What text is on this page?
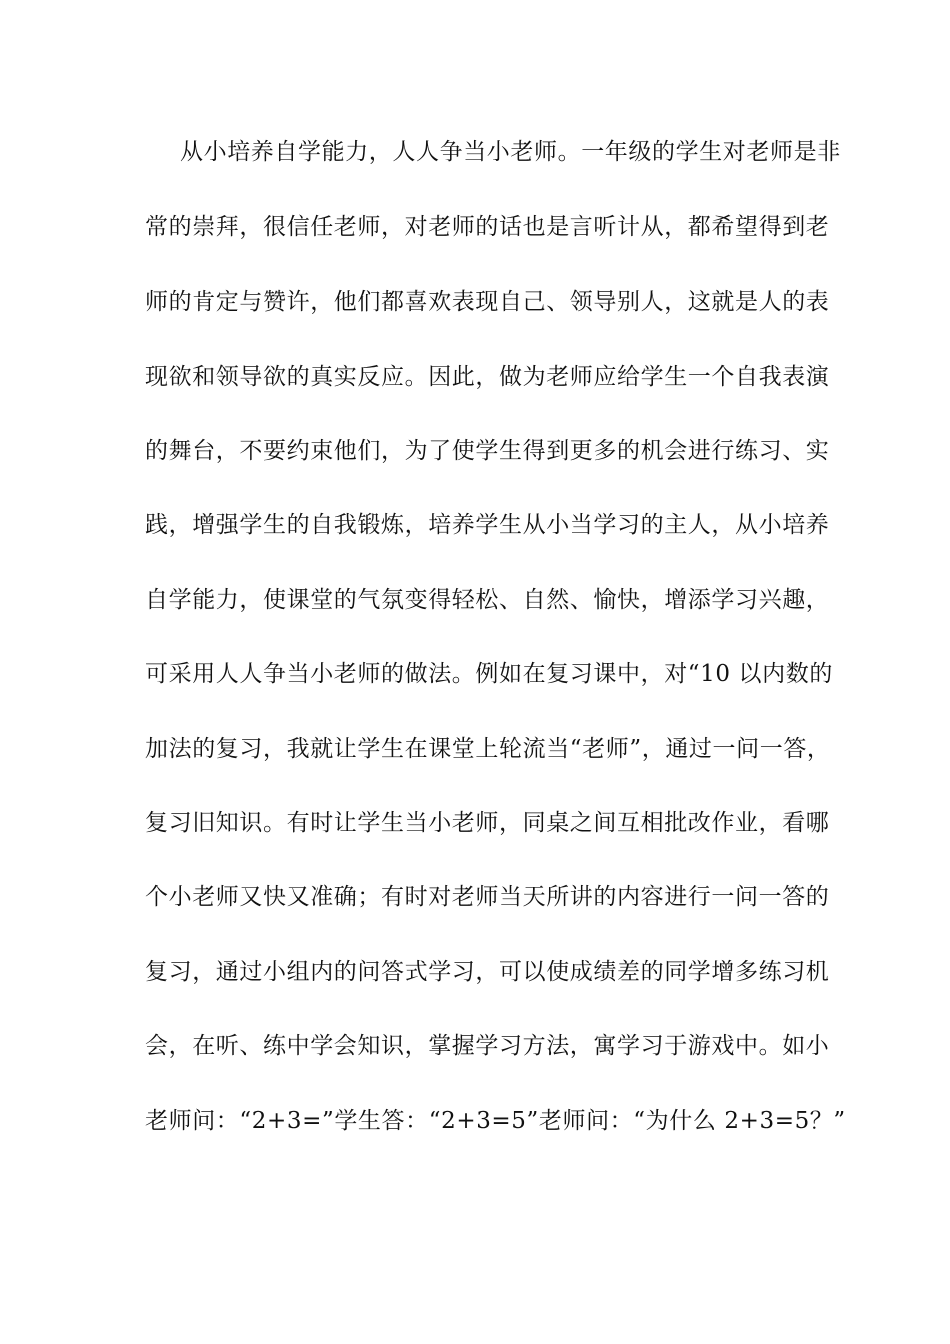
从小培养自学能力，人人争当小老师。一年级的学生对老师是非
常的崇拜，很信任老师，对老师的话也是言听计从，都希望得到老
师的肯定与赞许，他们都喜欢表现自己、领导别人，这就是人的表
现欲和领导欲的真实反应。因此，做为老师应给学生一个自我表演
的舞台，不要约束他们，为了使学生得到更多的机会进行练习、实
践，增强学生的自我锻炼，培养学生从小当学习的主人，从小培养
自学能力，使课堂的气氛变得轻松、自然、愉快，增添学习兴趣，
可采用人人争当小老师的做法。例如在复习课中，对“10 以内数的
加法的复习，我就让学生在课堂上轮流当“老师”，通过一问一答，
复习旧知识。有时让学生当小老师，同桌之间互相批改作业，看哪
个小老师又快又准确；有时对老师当天所讲的内容进行一问一答的
复习，通过小组内的问答式学习，可以使成绩差的同学增多练习机
会，在听、练中学会知识，掌握学习方法，寓学习于游戏中。如小
老师问：“2+3=”学生答：“2+3=5”老师问：“为什么 2+3=5？”
